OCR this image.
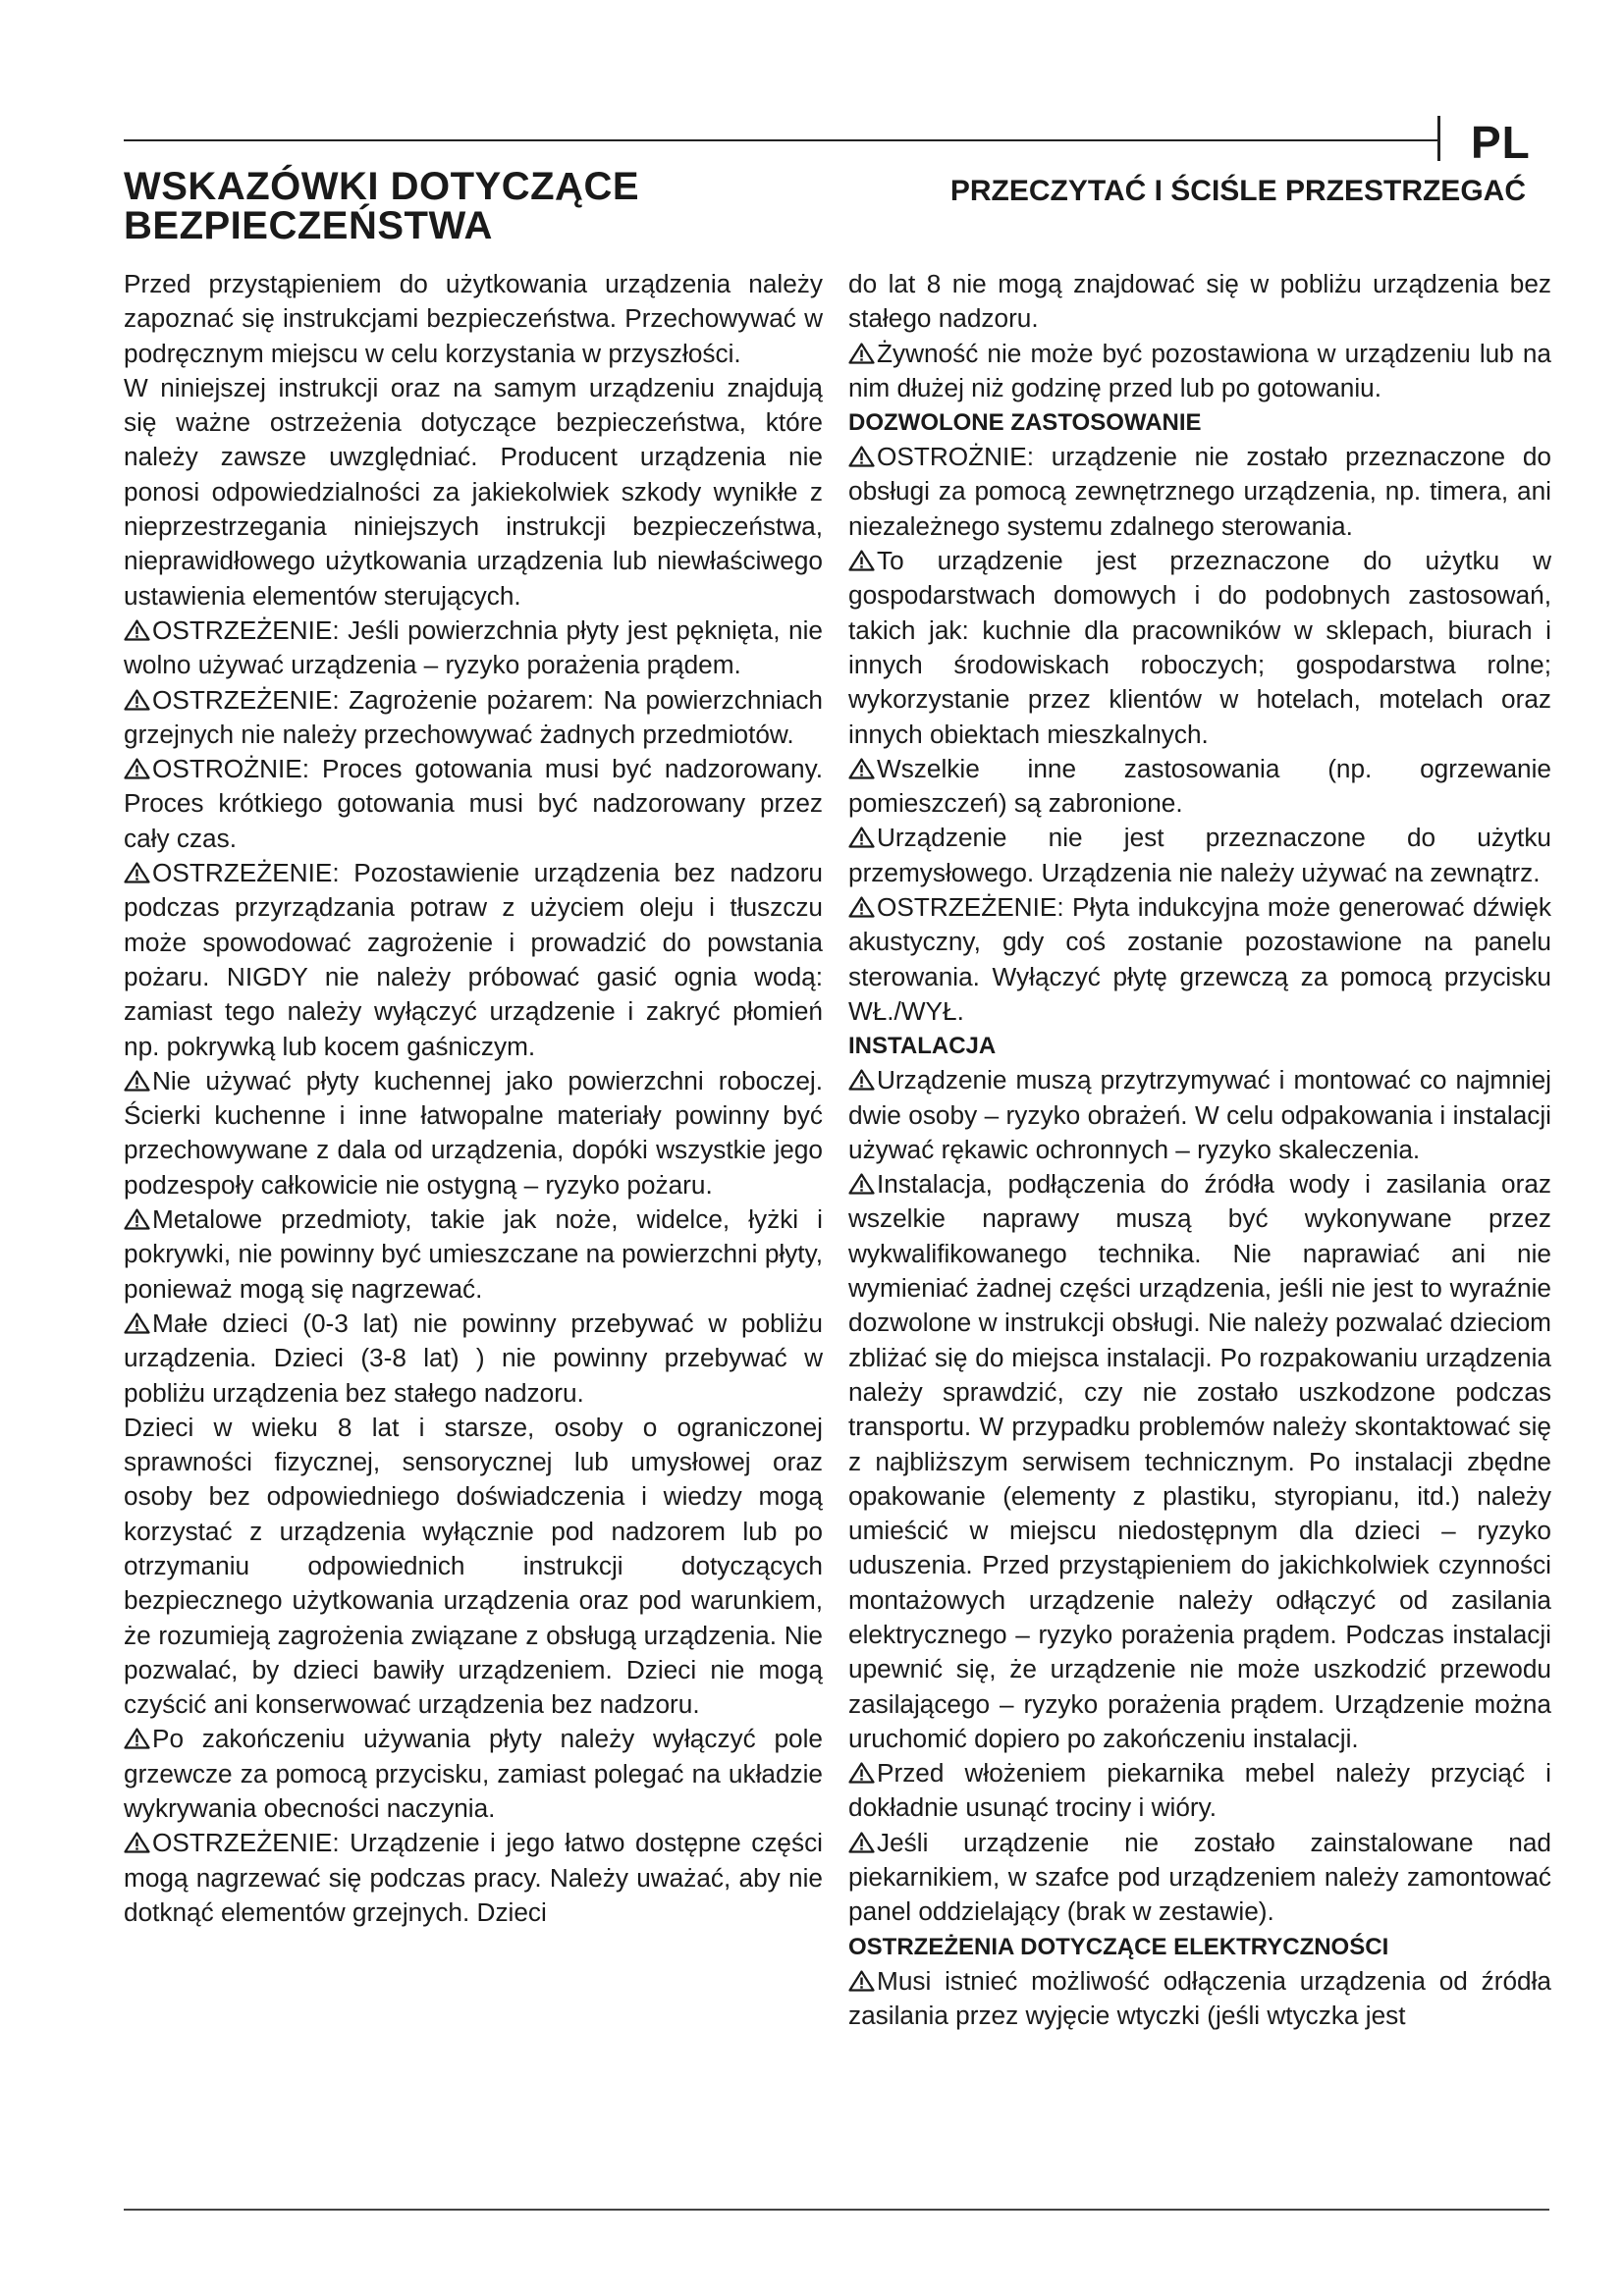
PL
WSKAZÓWKI DOTYCZĄCE
BEZPIECZEŃSTWA
PRZECZYTAĆ I ŚCIŚLE PRZESTRZEGAĆ

Przed przystąpieniem do użytkowania urządzenia należy zapoznać się instrukcjami bezpieczeństwa. Przechowywać w podręcznym miejscu w celu korzystania w przyszłości.

W niniejszej instrukcji oraz na samym urządzeniu znajdują się ważne ostrzeżenia dotyczące bezpieczeństwa, które należy zawsze uwzględniać. Producent urządzenia nie ponosi odpowiedzialności za jakiekolwiek szkody wynikłe z nieprzestrzegania niniejszych instrukcji bezpieczeństwa, nieprawidłowego użytkowania urządzenia lub niewłaściwego ustawienia elementów sterujących.

OSTRZEŻENIE: Jeśli powierzchnia płyty jest pęknięta, nie wolno używać urządzenia – ryzyko porażenia prądem.

OSTRZEŻENIE: Zagrożenie pożarem: Na powierzchniach grzejnych nie należy przechowywać żadnych przedmiotów.

OSTROŻNIE: Proces gotowania musi być nadzorowany. Proces krótkiego gotowania musi być nadzorowany przez cały czas.

OSTRZEŻENIE: Pozostawienie urządzenia bez nadzoru podczas przyrządzania potraw z użyciem oleju i tłuszczu może spowodować zagrożenie i prowadzić do powstania pożaru. NIGDY nie należy próbować gasić ognia wodą: zamiast tego należy wyłączyć urządzenie i zakryć płomień np. pokrywką lub kocem gaśniczym.

Nie używać płyty kuchennej jako powierzchni roboczej. Ścierki kuchenne i inne łatwopalne materiały powinny być przechowywane z dala od urządzenia, dopóki wszystkie jego podzespoły całkowicie nie ostygną – ryzyko pożaru.

Metalowe przedmioty, takie jak noże, widelce, łyżki i pokrywki, nie powinny być umieszczane na powierzchni płyty, ponieważ mogą się nagrzewać.

Małe dzieci (0-3 lat) nie powinny przebywać w pobliżu urządzenia. Dzieci (3-8 lat) ) nie powinny przebywać w pobliżu urządzenia bez stałego nadzoru.

Dzieci w wieku 8 lat i starsze, osoby o ograniczonej sprawności fizycznej, sensorycznej lub umysłowej oraz osoby bez odpowiedniego doświadczenia i wiedzy mogą korzystać z urządzenia wyłącznie pod nadzorem lub po otrzymaniu odpowiednich instrukcji dotyczących bezpiecznego użytkowania urządzenia oraz pod warunkiem, że rozumieją zagrożenia związane z obsługą urządzenia. Nie pozwalać, by dzieci bawiły urządzeniem. Dzieci nie mogą czyścić ani konserwować urządzenia bez nadzoru.

Po zakończeniu używania płyty należy wyłączyć pole grzewcze za pomocą przycisku, zamiast polegać na układzie wykrywania obecności naczynia.

OSTRZEŻENIE: Urządzenie i jego łatwo dostępne części mogą nagrzewać się podczas pracy. Należy uważać, aby nie dotknąć elementów grzejnych. Dzieci

do lat 8 nie mogą znajdować się w pobliżu urządzenia bez stałego nadzoru.

Żywność nie może być pozostawiona w urządzeniu lub na nim dłużej niż godzinę przed lub po gotowaniu.

DOZWOLONE ZASTOSOWANIE

OSTROŻNIE: urządzenie nie zostało przeznaczone do obsługi za pomocą zewnętrznego urządzenia, np. timera, ani niezależnego systemu zdalnego sterowania.

To urządzenie jest przeznaczone do użytku w gospodarstwach domowych i do podobnych zastosowań, takich jak: kuchnie dla pracowników w sklepach, biurach i innych środowiskach roboczych; gospodarstwa rolne; wykorzystanie przez klientów w hotelach, motelach oraz innych obiektach mieszkalnych.

Wszelkie inne zastosowania (np. ogrzewanie pomieszczeń) są zabronione.

Urządzenie nie jest przeznaczone do użytku przemysłowego. Urządzenia nie należy używać na zewnątrz.

OSTRZEŻENIE: Płyta indukcyjna może generować dźwięk akustyczny, gdy coś zostanie pozostawione na panelu sterowania. Wyłączyć płytę grzewczą za pomocą przycisku WŁ./WYŁ.

INSTALACJA

Urządzenie muszą przytrzymywać i montować co najmniej dwie osoby – ryzyko obrażeń. W celu odpakowania i instalacji używać rękawic ochronnych – ryzyko skaleczenia.

Instalacja, podłączenia do źródła wody i zasilania oraz wszelkie naprawy muszą być wykonywane przez wykwalifikowanego technika. Nie naprawiać ani nie wymieniać żadnej części urządzenia, jeśli nie jest to wyraźnie dozwolone w instrukcji obsługi. Nie należy pozwalać dzieciom zbliżać się do miejsca instalacji. Po rozpakowaniu urządzenia należy sprawdzić, czy nie zostało uszkodzone podczas transportu. W przypadku problemów należy skontaktować się z najbliższym serwisem technicznym. Po instalacji zbędne opakowanie (elementy z plastiku, styropianu, itd.) należy umieścić w miejscu niedostępnym dla dzieci – ryzyko uduszenia. Przed przystąpieniem do jakichkolwiek czynności montażowych urządzenie należy odłączyć od zasilania elektrycznego – ryzyko porażenia prądem. Podczas instalacji upewnić się, że urządzenie nie może uszkodzić przewodu zasilającego – ryzyko porażenia prądem. Urządzenie można uruchomić dopiero po zakończeniu instalacji.

Przed włożeniem piekarnika mebel należy przyciąć i dokładnie usunąć trociny i wióry.

Jeśli urządzenie nie zostało zainstalowane nad piekarnikiem, w szafce pod urządzeniem należy zamontować panel oddzielający (brak w zestawie).

OSTRZEŻENIA DOTYCZĄCE ELEKTRYCZNOŚCI

Musi istnieć możliwość odłączenia urządzenia od źródła zasilania przez wyjęcie wtyczki (jeśli wtyczka jest
